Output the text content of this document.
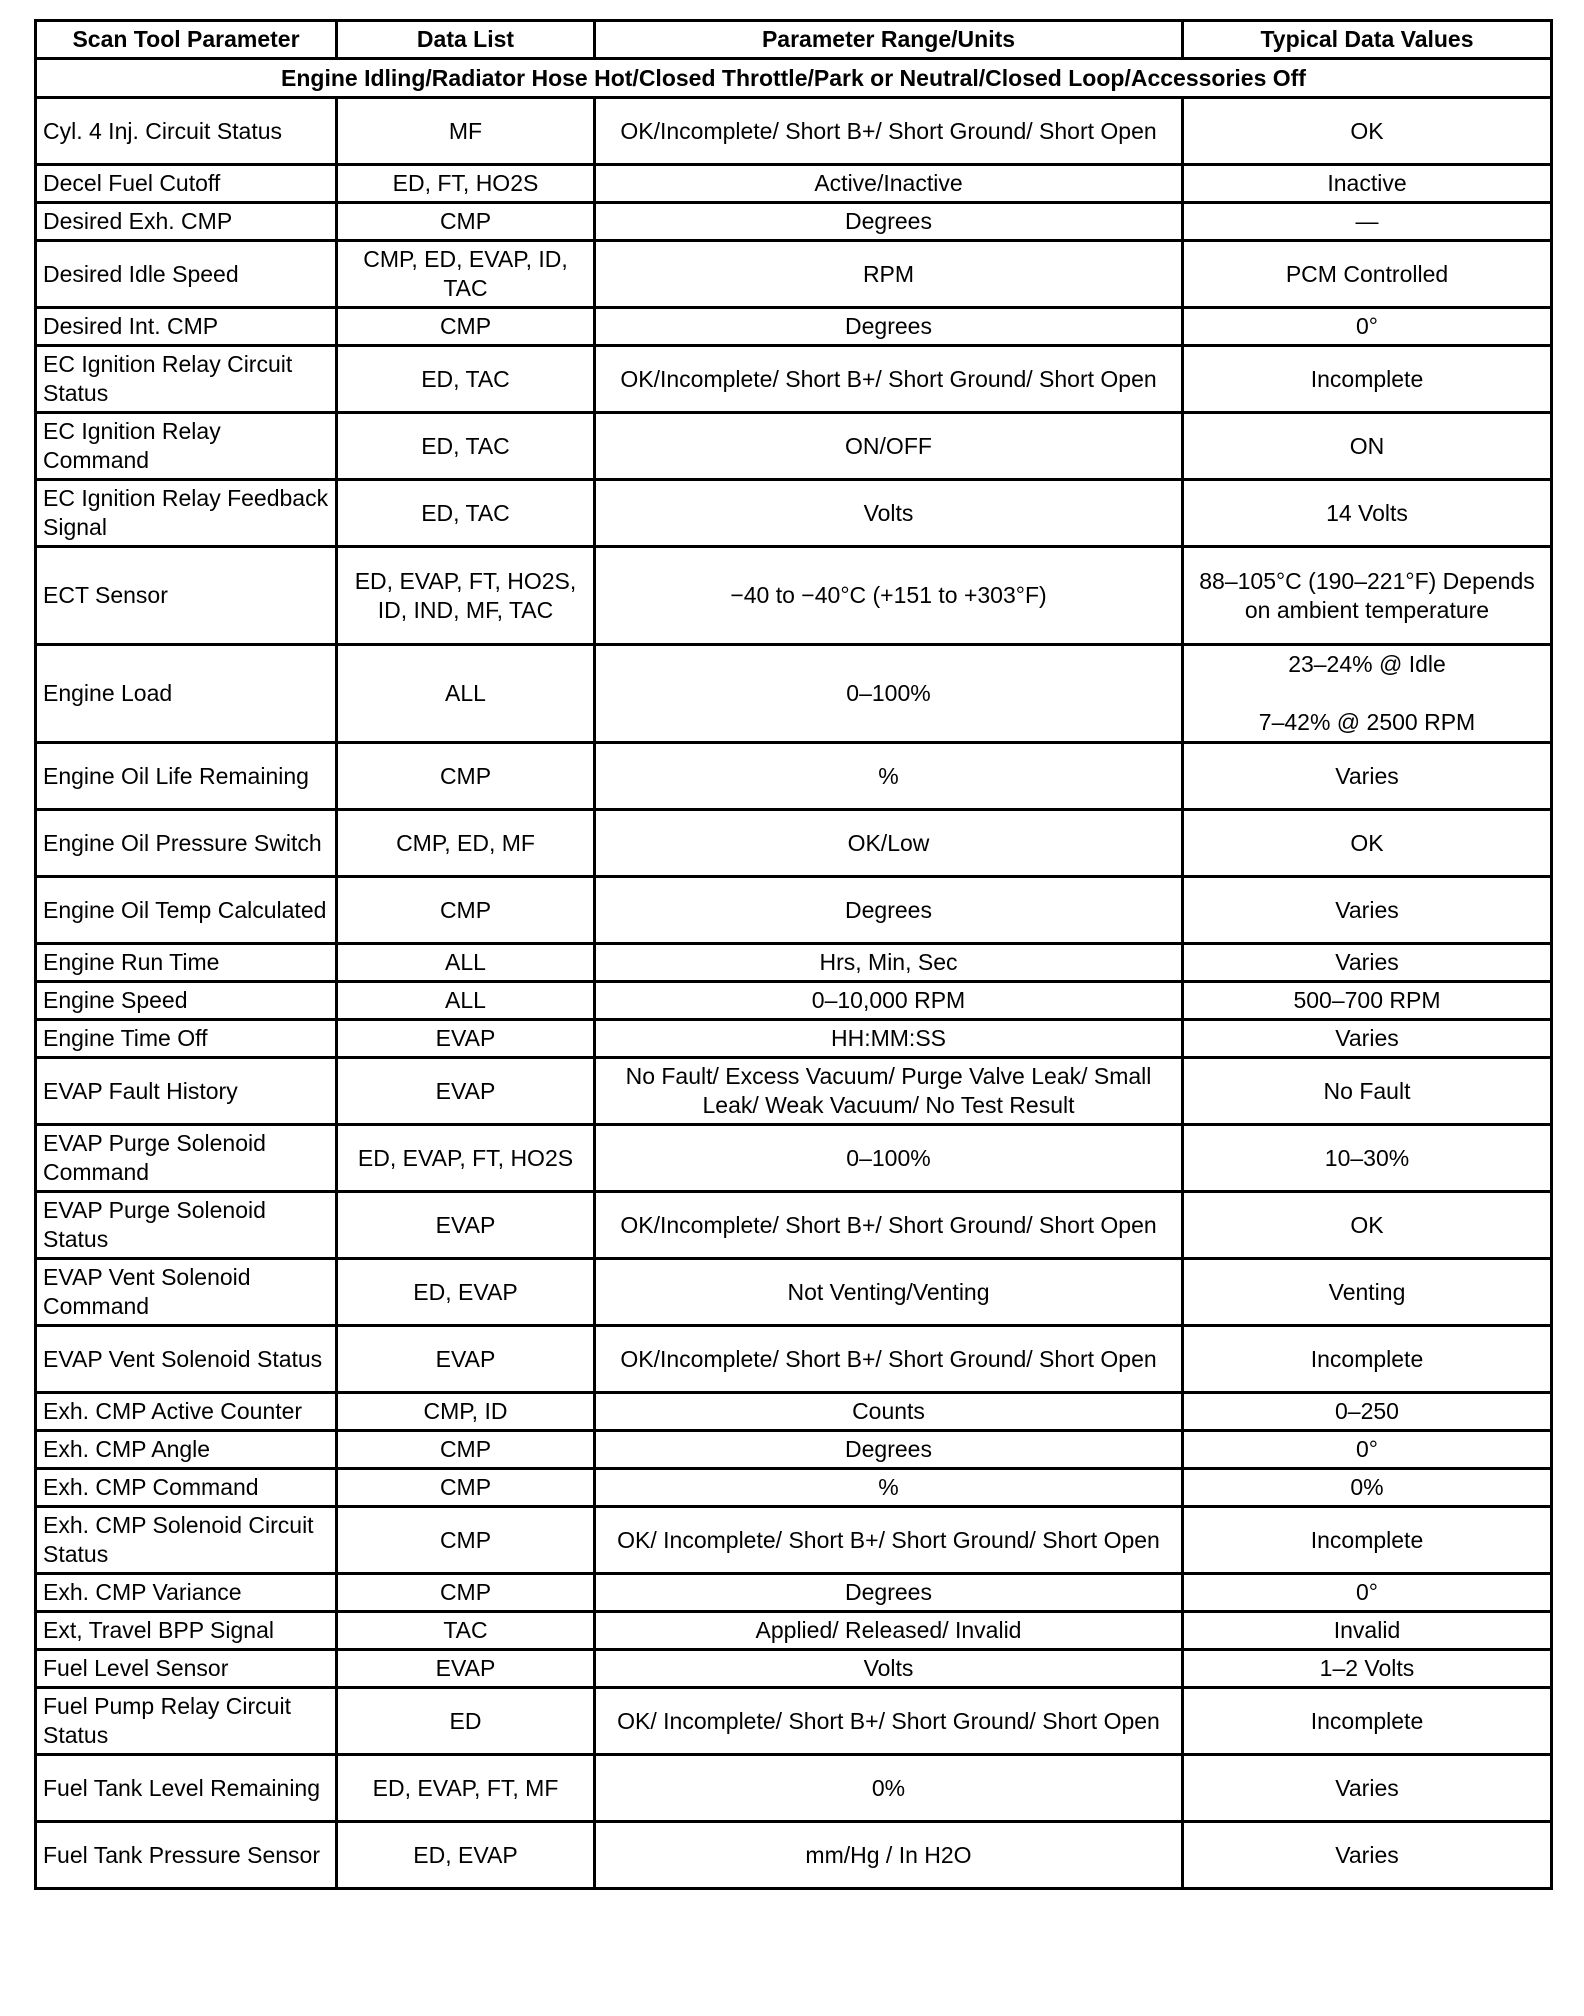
Scan Tool Parameter	Data List	Parameter Range/Units	Typical Data Values
Engine Idling/Radiator Hose Hot/Closed Throttle/Park or Neutral/Closed Loop/Accessories Off			
Cyl. 4 Inj. Circuit Status	MF	OK/Incomplete/ Short B+/ Short Ground/ Short Open	OK
Decel Fuel Cutoff	ED, FT, HO2S	Active/Inactive	Inactive
Desired Exh. CMP	CMP	Degrees	—
Desired Idle Speed	CMP, ED, EVAP, ID, TAC	RPM	PCM Controlled
Desired Int. CMP	CMP	Degrees	0°
EC Ignition Relay Circuit Status	ED, TAC	OK/Incomplete/ Short B+/ Short Ground/ Short Open	Incomplete
EC Ignition Relay Command	ED, TAC	ON/OFF	ON
EC Ignition Relay Feedback Signal	ED, TAC	Volts	14 Volts
ECT Sensor	ED, EVAP, FT, HO2S, ID, IND, MF, TAC	−40 to −40°C (+151 to +303°F)	88–105°C (190–221°F) Depends on ambient temperature
Engine Load	ALL	0–100%	23–24% @ Idle

7–42% @ 2500 RPM
Engine Oil Life Remaining	CMP	%	Varies
Engine Oil Pressure Switch	CMP, ED, MF	OK/Low	OK
Engine Oil Temp Calculated	CMP	Degrees	Varies
Engine Run Time	ALL	Hrs, Min, Sec	Varies
Engine Speed	ALL	0–10,000 RPM	500–700 RPM
Engine Time Off	EVAP	HH:MM:SS	Varies
EVAP Fault History	EVAP	No Fault/ Excess Vacuum/ Purge Valve Leak/ Small Leak/ Weak Vacuum/ No Test Result	No Fault
EVAP Purge Solenoid Command	ED, EVAP, FT, HO2S	0–100%	10–30%
EVAP Purge Solenoid Status	EVAP	OK/Incomplete/ Short B+/ Short Ground/ Short Open	OK
EVAP Vent Solenoid Command	ED, EVAP	Not Venting/Venting	Venting
EVAP Vent Solenoid Status	EVAP	OK/Incomplete/ Short B+/ Short Ground/ Short Open	Incomplete
Exh. CMP Active Counter	CMP, ID	Counts	0–250
Exh. CMP Angle	CMP	Degrees	0°
Exh. CMP Command	CMP	%	0%
Exh. CMP Solenoid Circuit Status	CMP	OK/ Incomplete/ Short B+/ Short Ground/ Short Open	Incomplete
Exh. CMP Variance	CMP	Degrees	0°
Ext, Travel BPP Signal	TAC	Applied/ Released/ Invalid	Invalid
Fuel Level Sensor	EVAP	Volts	1–2 Volts
Fuel Pump Relay Circuit Status	ED	OK/ Incomplete/ Short B+/ Short Ground/ Short Open	Incomplete
Fuel Tank Level Remaining	ED, EVAP, FT, MF	0%	Varies
Fuel Tank Pressure Sensor	ED, EVAP	mm/Hg / In H2O	Varies
